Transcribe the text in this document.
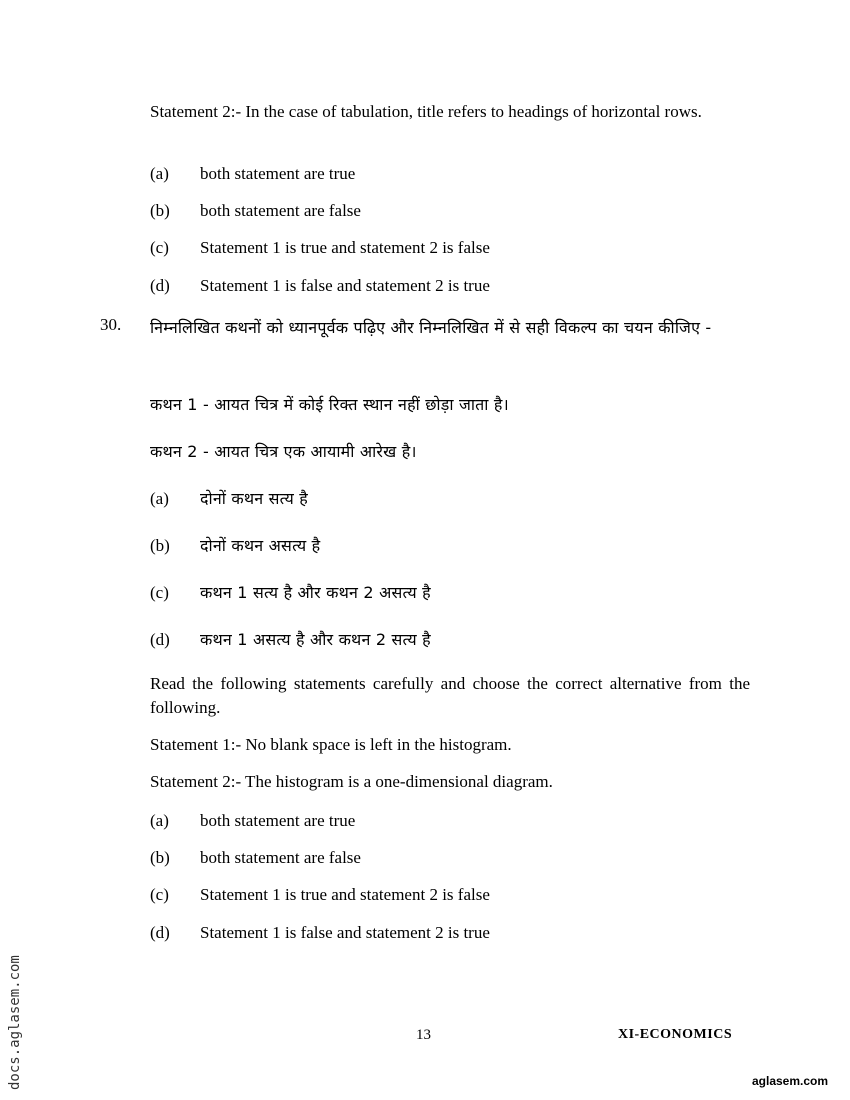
Statement 2:- In the case of tabulation, title refers to headings of horizontal rows.
(a) both statement are true
(b) both statement are false
(c) Statement 1 is true and statement 2 is false
(d) Statement 1 is false and statement 2 is true
30. निम्नलिखित कथनों को ध्यानपूर्वक पढ़िए और निम्नलिखित में से सही विकल्प का चयन कीजिए -
कथन 1 - आयत चित्र में कोई रिक्त स्थान नहीं छोड़ा जाता है।
कथन 2 - आयत चित्र एक आयामी आरेख है।
(a) दोनों कथन सत्य है
(b) दोनों कथन असत्य है
(c) कथन 1 सत्य है और कथन 2 असत्य है
(d) कथन 1 असत्य है और कथन 2 सत्य है
Read the following statements carefully and choose the correct alternative from the following.
Statement 1:- No blank space is left in the histogram.
Statement 2:- The histogram is a one-dimensional diagram.
(a) both statement are true
(b) both statement are false
(c) Statement 1 is true and statement 2 is false
(d) Statement 1 is false and statement 2 is true
13	XI-ECONOMICS
docs.aglasem.com	aglasem.com
